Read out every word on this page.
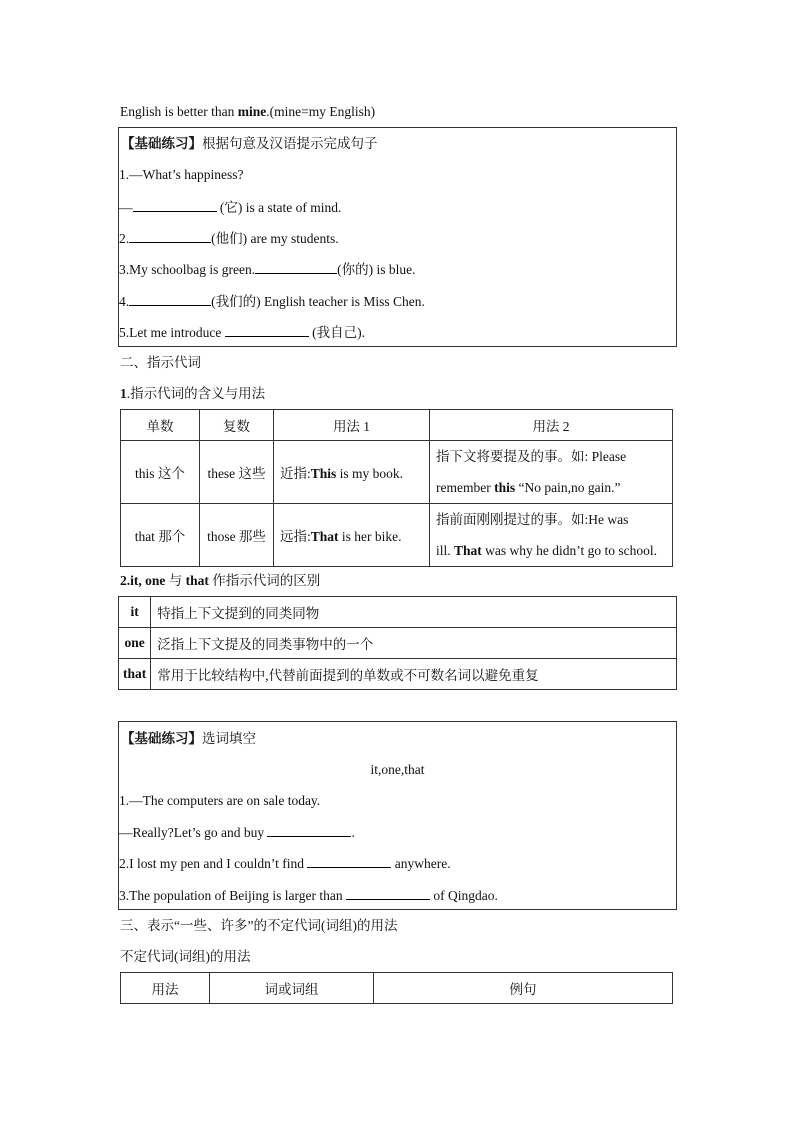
English is better than mine.(mine=my English)
【基础练习】根据句意及汉语提示完成句子
1.—What’s happiness?
—	(它) is a state of mind.
2.	(他们) are my students.
3.My schoolbag is green.	(你的) is blue.
4.	(我们的) English teacher is Miss Chen.
5.Let me introduce	(我自己).
二、指示代词
1.指示代词的含义与用法
单数	复数	用法 1	用法 2
this 这个	these 这些	近指:This is my book.	指下文将要提及的事。如: Please
remember this “No pain,no gain.”

that 那个	those 那些	远指:That is her bike.	指前面刚刚提过的事。如:He was
ill. That was why he didn’t go to school.
2.it, one 与 that 作指示代词的区别
it	特指上下文提到的同类同物
one	泛指上下文提及的同类事物中的一个
that	常用于比较结构中,代替前面提到的单数或不可数名词以避免重复
【基础练习】选词填空
it,one,that
1.—The computers are on sale today.
—Really?Let’s go and buy	.
2.I lost my pen and I couldn’t find	anywhere.
3.The population of Beijing is larger than	of Qingdao.
三、表示“一些、许多”的不定代词(词组)的用法
不定代词(词组)的用法
用法	词或词组	例句
